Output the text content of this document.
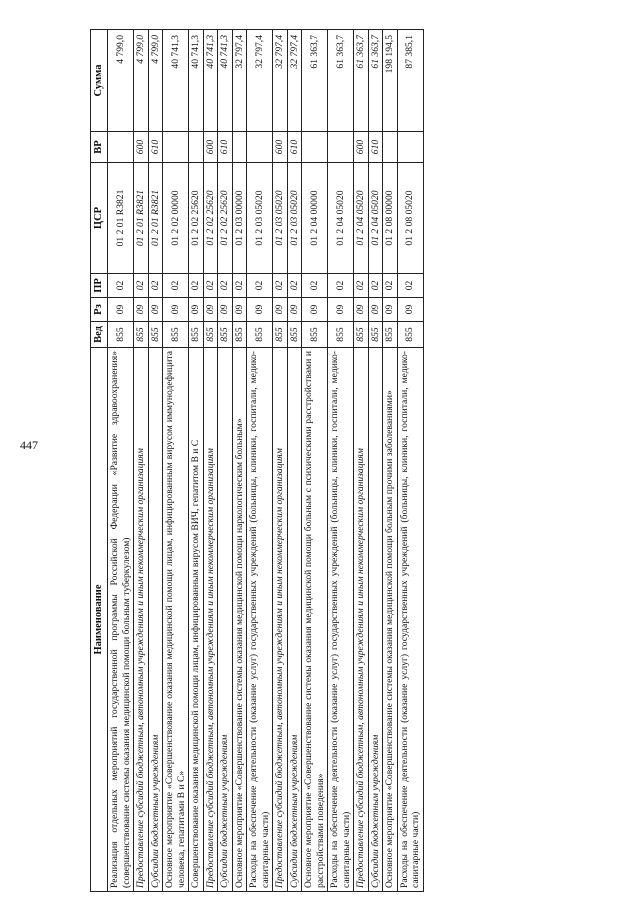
447
Наименование	Вед	Рз	ПР	ЦСР	ВР	Сумма
Реализация отдельных мероприятий государственной программы Российской Федерации «Развитие здравоохранения» (совершенствование системы оказания медицинской помощи больным туберкулезом)	855	09	02	01 2 01 R3821		4 799,0
Предоставление субсидий бюджетным, автономным учреждениям и иным некоммерческим организациям	855	09	02	01 2 01 R3821	600	4 799,0
Субсидии бюджетным учреждениям	855	09	02	01 2 01 R3821	610	4 799,0
Основное мероприятие «Совершенствование оказания медицинской помощи лицам, инфицированным вирусом иммунодефицита человека, гепатитами В и С»	855	09	02	01 2 02 00000		40 741,3
Совершенствование оказания медицинской помощи лицам, инфицированным вирусом ВИЧ, гепатитом В и С	855	09	02	01 2 02 25620		40 741,3
Предоставление субсидий бюджетным, автономным учреждениям и иным некоммерческим организациям	855	09	02	01 2 02 25620	600	40 741,3
Субсидии бюджетным учреждениям	855	09	02	01 2 02 25620	610	40 741,3
Основное мероприятие «Совершенствование системы оказания медицинской помощи наркологическим больным»	855	09	02	01 2 03 00000		32 797,4
Расходы на обеспечение деятельности (оказание услуг) государственных учреждений (больницы, клиники, госпитали, медико-санитарные части)	855	09	02	01 2 03 05020		32 797,4
Предоставление субсидий бюджетным, автономным учреждениям и иным некоммерческим организациям	855	09	02	01 2 03 05020	600	32 797,4
Субсидии бюджетным учреждениям	855	09	02	01 2 03 05020	610	32 797,4
Основное мероприятие «Совершенствование системы оказания медицинской помощи больным с психическими расстройствами и расстройствами поведения»	855	09	02	01 2 04 00000		61 363,7
Расходы на обеспечение деятельности (оказание услуг) государственных учреждений (больницы, клиники, госпитали, медико-санитарные части)	855	09	02	01 2 04 05020		61 363,7
Предоставление субсидий бюджетным, автономным учреждениям и иным некоммерческим организациям	855	09	02	01 2 04 05020	600	61 363,7
Субсидии бюджетным учреждениям	855	09	02	01 2 04 05020	610	61 363,7
Основное мероприятие «Совершенствование системы оказания медицинской помощи больным прочими заболеваниями»	855	09	02	01 2 08 00000		198 194,5
Расходы на обеспечение деятельности (оказание услуг) государственных учреждений (больницы, клиники, госпитали, медико-санитарные части)	855	09	02	01 2 08 05020		87 385,1
